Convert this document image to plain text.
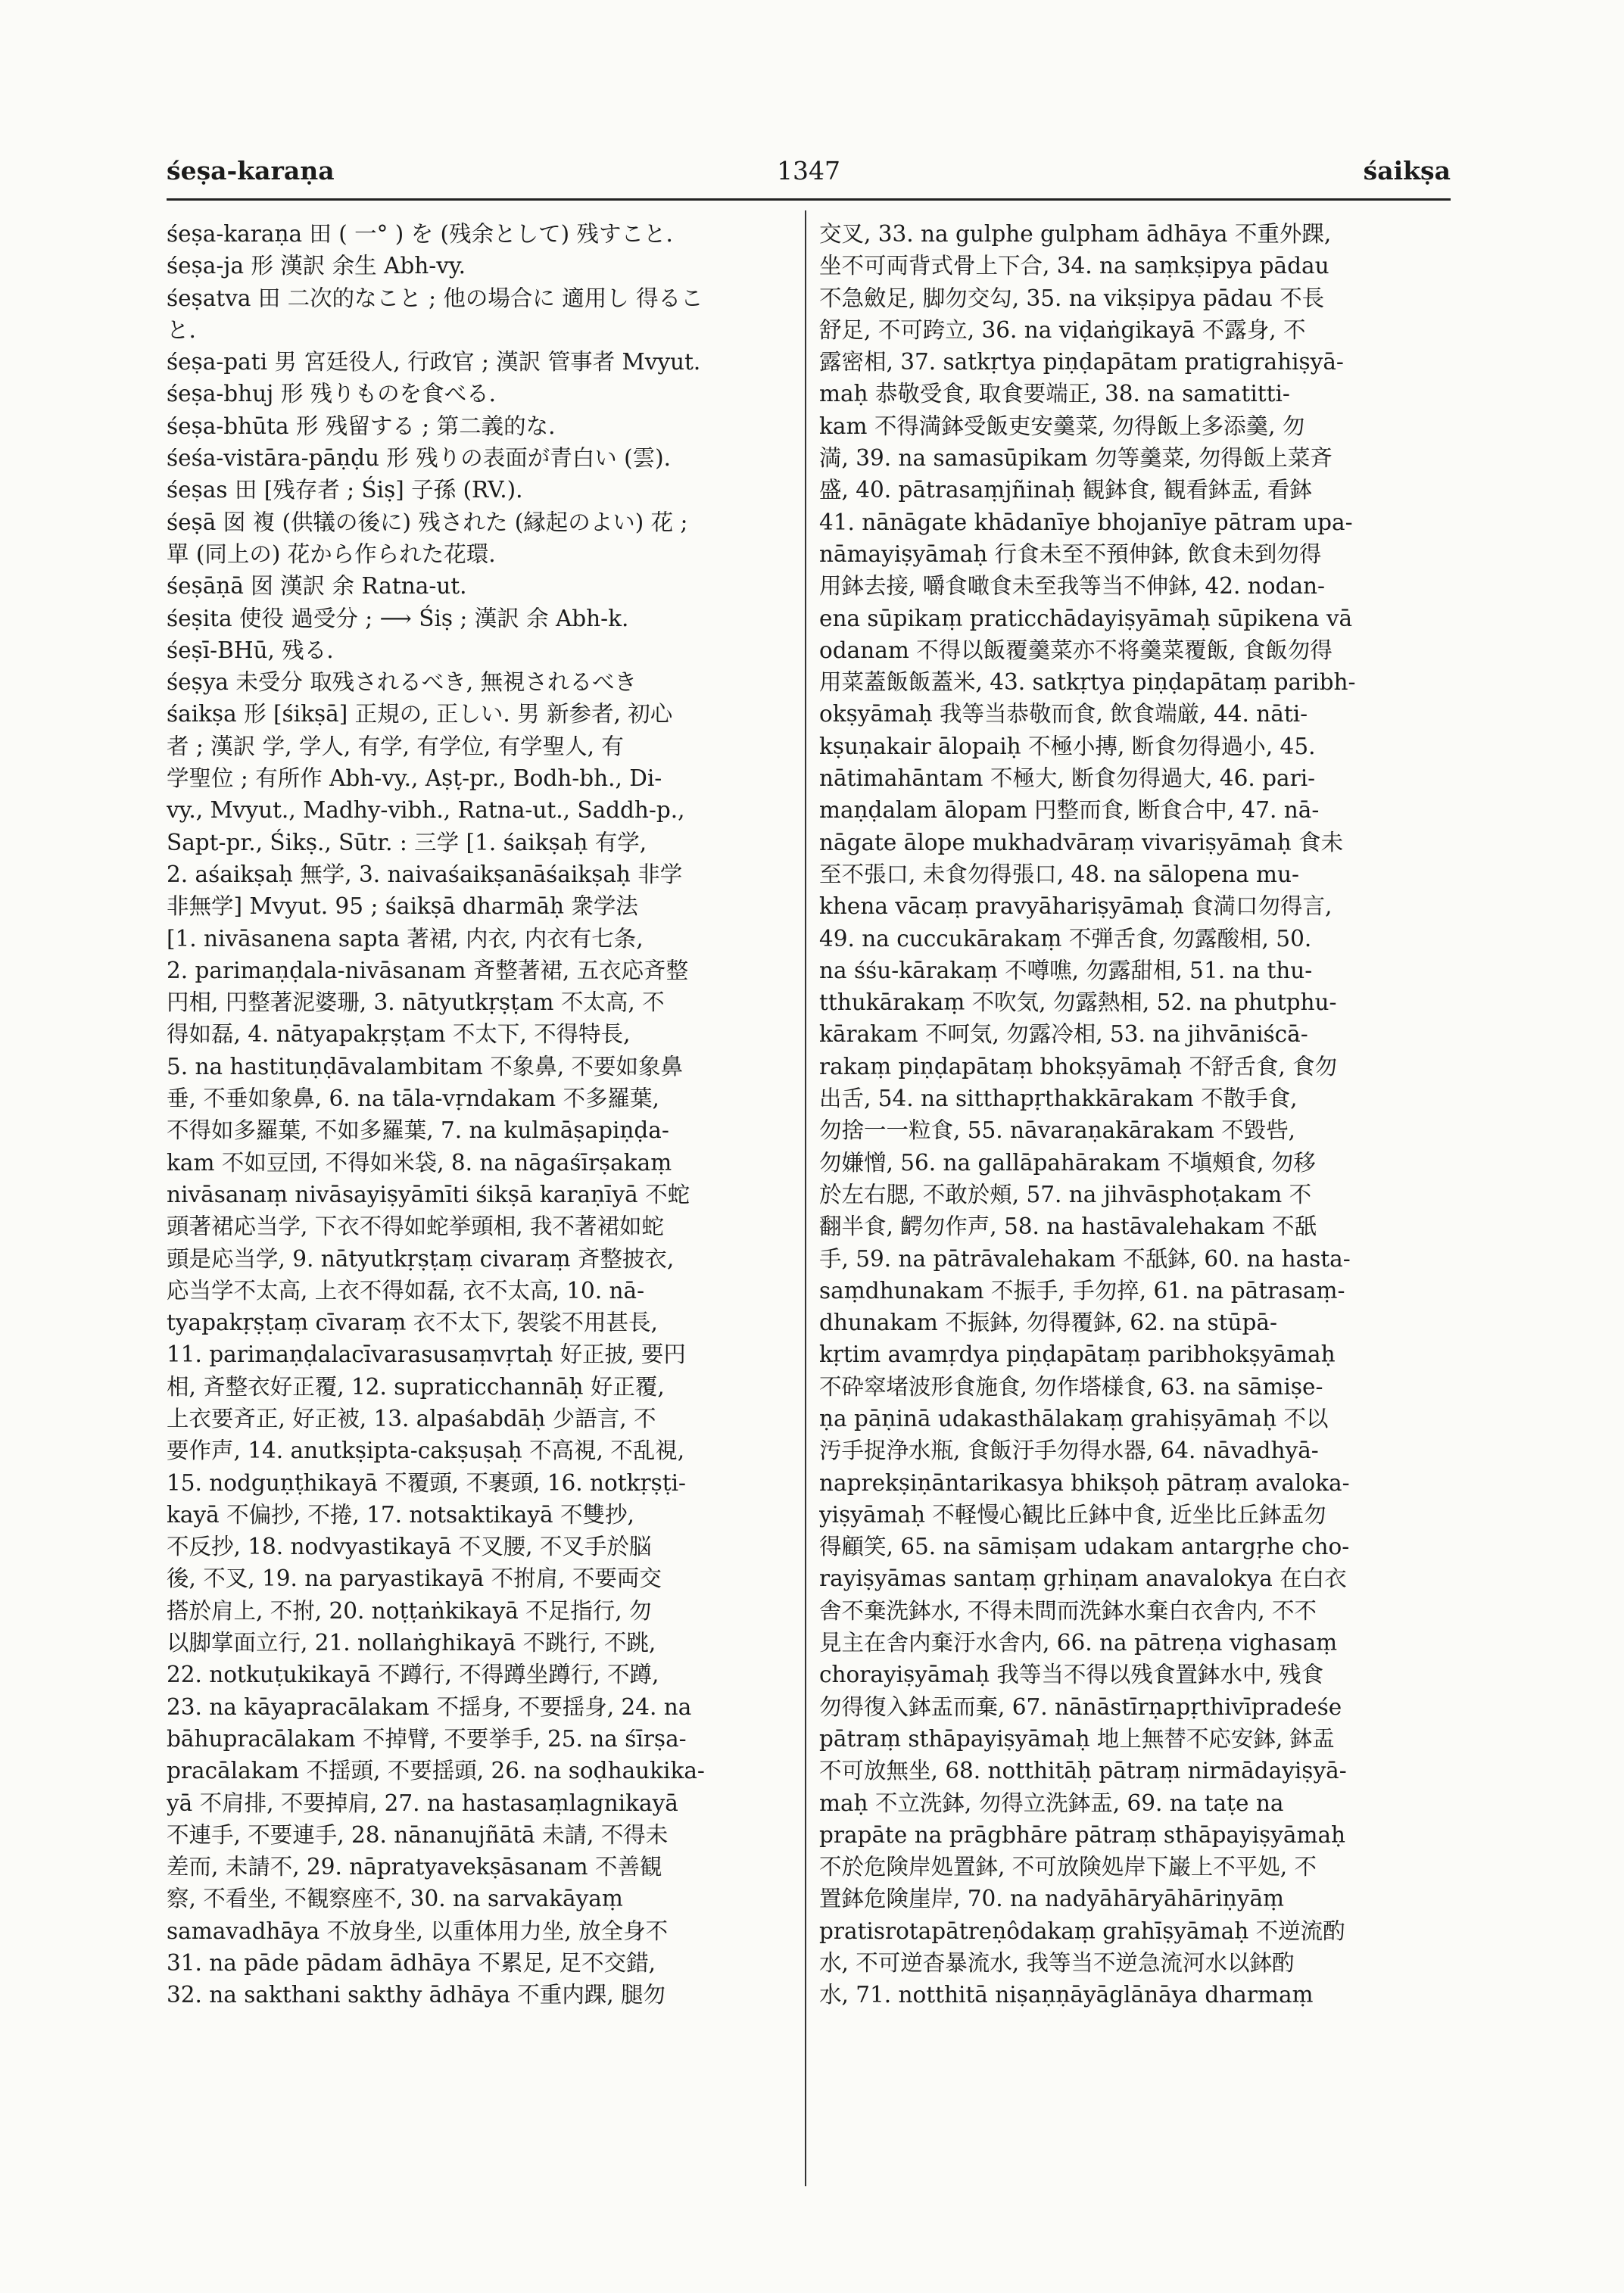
śeṣa-karaṇa	1347	śaikṣa
śeṣa-karaṇa 田 ( 一° ) を (残余として) 残すこと.
śeṣa-ja 形 漢訳 余生 Abh-vy.
śeṣatva 田 二次的なこと ; 他の場合に 適用し 得るこ
と.
śeṣa-pati 男 宮廷役人, 行政官 ; 漢訳 管事者 Mvyut.
śeṣa-bhuj 形 残りものを食べる.
śeṣa-bhūta 形 残留する ; 第二義的な.
śeśa-vistāra-pāṇḍu 形 残りの表面が青白い (雲).
śeṣas 田 [残存者 ; Śiṣ] 子孫 (RV.).
śeṣā 囡 複 (供犠の後に) 残された (縁起のよい) 花 ;
單 (同上の) 花から作られた花環.
śeṣāṇā 囡 漢訳 余 Ratna-ut.
śeṣita 使役 過受分 ; ⟶ Śiṣ ; 漢訳 余 Abh-k.
śeṣī-BHū, 残る.
śeṣya 未受分 取残されるべき, 無視されるべき
śaikṣa 形 [śikṣā] 正規の, 正しい. 男 新参者, 初心
者 ; 漢訳 学, 学人, 有学, 有学位, 有学聖人, 有
学聖位 ; 有所作 Abh-vy., Aṣṭ-pr., Bodh-bh., Di-
vy., Mvyut., Madhy-vibh., Ratna-ut., Saddh-p.,
Sapt-pr., Śikṣ., Sūtr. : 三学 [1. śaikṣaḥ 有学,
2. aśaikṣaḥ 無学, 3. naivaśaikṣanāśaikṣaḥ 非学
非無学] Mvyut. 95 ; śaikṣā dharmāḥ 衆学法
[1. nivāsanena sapta 著裙, 内衣, 内衣有七条,
2. parimaṇḍala-nivāsanam 斉整著裙, 五衣応斉整
円相, 円整著泥婆珊, 3. nātyutkṛṣṭam 不太高, 不
得如磊, 4. nātyapakṛṣṭam 不太下, 不得特長,
5. na hastituṇḍāvalambitam 不象鼻, 不要如象鼻
垂, 不垂如象鼻, 6. na tāla-vṛndakam 不多羅葉,
不得如多羅葉, 不如多羅葉, 7. na kulmāṣapiṇḍa-
kam 不如豆団, 不得如米袋, 8. na nāgaśīrṣakaṃ
nivāsanaṃ nivāsayiṣyāmīti śikṣā karaṇīyā 不蛇
頭著裙応当学, 下衣不得如蛇挙頭相, 我不著裙如蛇
頭是応当学, 9. nātyutkṛṣṭaṃ civaraṃ 斉整披衣,
応当学不太高, 上衣不得如磊, 衣不太高, 10. nā-
tyapakṛṣṭaṃ cīvaraṃ 衣不太下, 袈裟不用甚長,
11. parimaṇḍalacīvarasusaṃvṛtaḥ 好正披, 要円
相, 斉整衣好正覆, 12. supraticchannāḥ 好正覆,
上衣要斉正, 好正被, 13. alpaśabdāḥ 少語言, 不
要作声, 14. anutkṣipta-cakṣuṣaḥ 不高視, 不乱視,
15. nodguṇṭhikayā 不覆頭, 不裹頭, 16. notkṛṣṭi-
kayā 不偏抄, 不捲, 17. notsaktikayā 不雙抄,
不反抄, 18. nodvyastikayā 不叉腰, 不叉手於脳
後, 不叉, 19. na paryastikayā 不拊肩, 不要両交
搭於肩上, 不拊, 20. noṭṭaṅkikayā 不足指行, 勿
以脚掌面立行, 21. nollaṅghikayā 不跳行, 不跳,
22. notkuṭukikayā 不蹲行, 不得蹲坐蹲行, 不蹲,
23. na kāyapracālakam 不揺身, 不要揺身, 24. na
bāhupracālakam 不掉臂, 不要挙手, 25. na śīrṣa-
pracālakam 不揺頭, 不要揺頭, 26. na soḍhaukika-
yā 不肩排, 不要掉肩, 27. na hastasaṃlagnikayā
不連手, 不要連手, 28. nānanujñātā 未請, 不得未
差而, 未請不, 29. nāpratyavekṣāsanam 不善観
察, 不看坐, 不観察座不, 30. na sarvakāyaṃ
samavadhāya 不放身坐, 以重体用力坐, 放全身不
31. na pāde pādam ādhāya 不累足, 足不交錯,
32. na sakthani sakthy ādhāya 不重内踝, 腿勿
交叉, 33. na gulphe gulpham ādhāya 不重外踝,
坐不可両背式骨上下合, 34. na saṃkṣipya pādau
不急斂足, 脚勿交勾, 35. na vikṣipya pādau 不長
舒足, 不可跨立, 36. na viḍaṅgikayā 不露身, 不
露密相, 37. satkṛtya piṇḍapātam pratigrahiṣyā-
maḥ 恭敬受食, 取食要端正, 38. na samatitti-
kam 不得満鉢受飯吏安羹菜, 勿得飯上多添羹, 勿
満, 39. na samasūpikam 勿等羹菜, 勿得飯上菜斉
盛, 40. pātrasaṃjñinaḥ 観鉢食, 観看鉢盂, 看鉢
41. nānāgate khādanīye bhojanīye pātram upa-
nāmayiṣyāmaḥ 行食未至不預伸鉢, 飲食未到勿得
用鉢去接, 嚼食噉食未至我等当不伸鉢, 42. nodan-
ena sūpikaṃ praticchādayiṣyāmaḥ sūpikena vā
odanam 不得以飯覆羹菜亦不将羹菜覆飯, 食飯勿得
用菜蓋飯飯蓋米, 43. satkṛtya piṇḍapātaṃ paribh-
okṣyāmaḥ 我等当恭敬而食, 飲食端厳, 44. nāti-
kṣuṇakair ālopaiḥ 不極小摶, 断食勿得過小, 45.
nātimahāntam 不極大, 断食勿得過大, 46. pari-
maṇḍalam ālopam 円整而食, 断食合中, 47. nā-
nāgate ālope mukhadvāraṃ vivariṣyāmaḥ 食未
至不張口, 未食勿得張口, 48. na sālopena mu-
khena vācaṃ pravyāhariṣyāmaḥ 食満口勿得言,
49. na cuccukārakaṃ 不弾舌食, 勿露酸相, 50.
na śśu-kārakaṃ 不噂噍, 勿露甜相, 51. na thu-
tthukārakaṃ 不吹気, 勿露熱相, 52. na phutphu-
kārakam 不呵気, 勿露冷相, 53. na jihvāniścā-
rakaṃ piṇḍapātaṃ bhokṣyāmaḥ 不舒舌食, 食勿
出舌, 54. na sitthapṛthakkārakam 不散手食,
勿捨一一粒食, 55. nāvaraṇakārakam 不毀呰,
勿嫌憎, 56. na gallāpahārakam 不塡頰食, 勿移
於左右腮, 不敢於頰, 57. na jihvāsphoṭakam 不
翻半食, 齶勿作声, 58. na hastāvalehakam 不舐
手, 59. na pātrāvalehakam 不舐鉢, 60. na hasta-
saṃdhunakam 不振手, 手勿捽, 61. na pātrasaṃ-
dhunakam 不振鉢, 勿得覆鉢, 62. na stūpā-
kṛtim avamṛdya piṇḍapātaṃ paribhokṣyāmaḥ
不砕窣堵波形食施食, 勿作塔様食, 63. na sāmiṣe-
ṇa pāṇinā udakasthālakaṃ grahiṣyāmaḥ 不以
汚手捉浄水瓶, 食飯汙手勿得水器, 64. nāvadhyā-
naprekṣiṇāntarikasya bhikṣoḥ pātraṃ avaloka-
yiṣyāmaḥ 不軽慢心観比丘鉢中食, 近坐比丘鉢盂勿
得顧笑, 65. na sāmiṣam udakam antargṛhe cho-
rayiṣyāmas santaṃ gṛhiṇam anavalokya 在白衣
舎不棄洗鉢水, 不得未問而洗鉢水棄白衣舎内, 不不
見主在舎内棄汙水舎内, 66. na pātreṇa vighasaṃ
chorayiṣyāmaḥ 我等当不得以残食置鉢水中, 残食
勿得復入鉢盂而棄, 67. nānāstīrṇapṛthivīpradeśe
pātraṃ sthāpayiṣyāmaḥ 地上無替不応安鉢, 鉢盂
不可放無坐, 68. notthitāḥ pātraṃ nirmādayiṣyā-
maḥ 不立洗鉢, 勿得立洗鉢盂, 69. na taṭe na
prapāte na prāgbhāre pātraṃ sthāpayiṣyāmaḥ
不於危険岸処置鉢, 不可放険処岸下巌上不平処, 不
置鉢危険崖岸, 70. na nadyāhāryāhāriṇyāṃ
pratisrotapātreṇôdakaṃ grahīṣyāmaḥ 不逆流酌
水, 不可逆杳暴流水, 我等当不逆急流河水以鉢酌
水, 71. notthitā niṣaṇṇāyāglānāya dharmaṃ
